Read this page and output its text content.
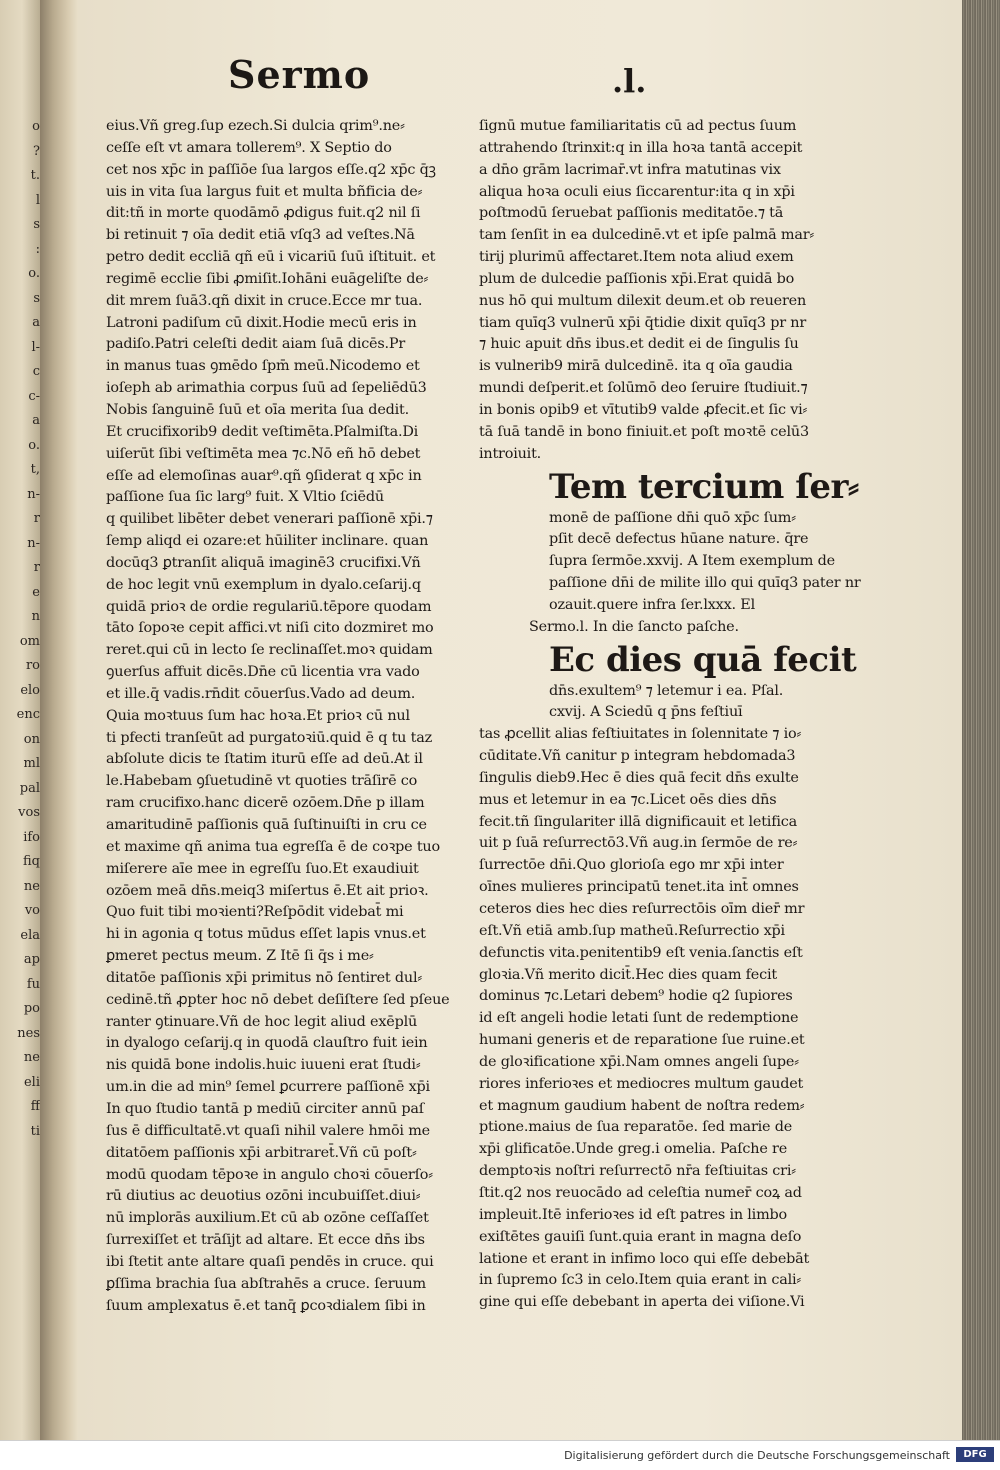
o
?
t.
l
s
:
o.
s
a
l-
c
c-
a
o.
t,
n-
r
n-
r
e
n
om
ro
elo
enc
on
ml
pal
vos
ifo
fiq
ne
vo
ela
ap
fu
po
nes
ne
eli
ff
ti
Sermo	.l.
eius.Vñ greg.ſup ezech.Si dulcia qrim⁹.ne⸗
ceſſe eſt vt amara tollerem⁹. X Septio do
cet nos xp̄c in paſſiōe ſua largos eſſe.q2 xp̄c q̄ꝫ
uis in vita ſua largus fuit et multa bñficia de⸗
dit:tñ in morte quodāmō ꝓdigus fuit.q2 nil ſi
bi retinuit ⁊ oīa dedit etiā vſq3 ad veſtes.Nā
petro dedit eccliā qñ eū i vicariū ſuū iſtituit. et
regimē ecclie ſibi ꝓmiſit.Iohāni euāgeliſte de⸗
dit mrem ſuā3.qñ dixit in cruce.Ecce mr tua.
Latroni padiſum cū dixit.Hodie mecū eris in
padiſo.Patri celeſti dedit aiam ſuā dicēs.Pr
in manus tuas ꝯmēdo ſpm̄ meū.Nicodemo et
ioſeph ab arimathia corpus ſuū ad ſepeliēdū3
Nobis ſanguinē ſuū et oīa merita ſua dedit.
Et crucifixorib9 dedit veſtimēta.Pſalmiſta.Di
uiſerūt ſibi veſtimēta mea ⁊c.Nō eñ hō debet
eſſe ad elemoſinas auar⁹.qñ ꝯſiderat q xp̄c in
paſſione ſua ſic larg⁹ fuit. X Vltio ſciēdū
q quilibet libēter debet venerari paſſionē xp̄i.⁊
ſemp aliqd ei ozare:et hūiliter inclinare. quan
docūq3 ꝑtranſit aliquā imaginē3 crucifixi.Vñ
de hoc legit vnū exemplum in dyalo.ceſarij.q
quidā prioꝛ de ordie regulariū.tēpore quodam
tāto ſopoꝛe cepit affici.vt niſi cito dozmiret mo
reret.qui cū in lecto ſe reclinaſſet.moꝛ quidam
ꝯuerſus affuit dicēs.Dn̄e cū licentia vra vado
et ille.q̄ vadis.rn̄dit cōuerſus.Vado ad deum.
Quia moꝛtuus ſum hac hoꝛa.Et prioꝛ cū nul
ti pfecti tranſeūt ad purgatoꝛiū.quid ē q tu taz
abſolute dicis te ſtatim iturū eſſe ad deū.At il
le.Habebam ꝯſuetudinē vt quoties trāſirē co
ram crucifixo.hanc dicerē ozōem.Dn̄e p illam
amaritudinē paſſionis quā ſuſtinuiſti in cru ce
et maxime qñ anima tua egreſſa ē de coꝛpe tuo
miſerere aīe mee in egreſſu ſuo.Et exaudiuit
ozōem meā dn̄s.meiq3 miſertus ē.Et ait prioꝛ.
Quo fuit tibi moꝛienti?Reſpōdit videbat̄ mi
hi in agonia q totus mūdus eſſet lapis vnus.et
ꝑmeret pectus meum. Z Itē ſi q̄s i me⸗
ditatōe paſſionis xp̄i primitus nō ſentiret dul⸗
cedinē.tñ ꝓpter hoc nō debet deſiſtere ſed pſeue
ranter ꝯtinuare.Vñ de hoc legit aliud exēplū
in dyalogo ceſarij.q in quodā clauſtro fuit iein
nis quidā bone indolis.huic iuueni erat ſtudi⸗
um.in die ad min⁹ ſemel ꝑcurrere paſſionē xp̄i
In quo ſtudio tantā p mediū circiter annū paſ
ſus ē difficultatē.vt quaſi nihil valere hmōi me
ditatōem paſſionis xp̄i arbitraret̄.Vñ cū poſt⸗
modū quodam tēpoꝛe in angulo choꝛi cōuerſo⸗
rū diutius ac deuotius ozōni incubuiſſet.diui⸗
nū implorās auxilium.Et cū ab ozōne ceſſaſſet
ſurrexiſſet et trāſijt ad altare. Et ecce dn̄s ibs
ibi ſtetit ante altare quaſi pendēs in cruce. qui
ꝑſſima brachia ſua abſtrahēs a cruce. ſeruum
ſuum amplexatus ē.et tanq̄ ꝑcoꝛdialem ſibi in
ſignū mutue familiaritatis cū ad pectus ſuum
attrahendo ſtrinxit:q in illa hoꝛa tantā accepit
a dn̄o grām lacrimar̄.vt infra matutinas vix
aliqua hoꝛa oculi eius ſiccarentur:ita q in xp̄i
poſtmodū ſeruebat paſſionis meditatōe.⁊ tā
tam ſenſit in ea dulcedinē.vt et ipſe palmā mar⸗
tirij plurimū affectaret.Item nota aliud exem
plum de dulcedie paſſionis xp̄i.Erat quidā bo
nus hō qui multum dilexit deum.et ob reueren
tiam quīq3 vulnerū xp̄i q̄tidie dixit quīq3 pr nr
⁊ huic apuit dn̄s ibus.et dedit ei de ſingulis ſu
is vulnerib9 mirā dulcedinē. ita q oīa gaudia
mundi deſperit.et ſolūmō deo ſeruire ſtudiuit.⁊
in bonis opib9 et vītutib9 valde ꝓfecit.et ſic vi⸗
tā ſuā tandē in bono finiuit.et poſt moꝛtē celū3
introiuit.
Tem tercium ſer⸗
monē de paſſione dn̄i quō xp̄c ſum⸗
pſit decē defectus hūane nature. q̄re
ſupra ſermōe.xxvij. A Item exemplum de
paſſione dn̄i de milite illo qui quīq3 pater nr
ozauit.quere infra ſer.lxxx. El
Sermo.l. In die ſancto paſche.
Ec dies quā fecit
dn̄s.exultem⁹ ⁊ letemur i ea. Pſal.
cxvij. A Sciedū q p̄ns feſtiuī
tas ꝓcellit alias feſtiuitates in ſolennitate ⁊ io⸗
cūditate.Vñ canitur p integram hebdomada3
ſingulis dieb9.Hec ē dies quā fecit dn̄s exulte
mus et letemur in ea ⁊c.Licet oēs dies dn̄s
fecit.tñ ſingulariter illā dignificauit et letifica
uit p ſuā reſurrectō3.Vñ aug.in ſermōe de re⸗
ſurrectōe dn̄i.Quo glorioſa ego mr xp̄i inter
oīnes mulieres principatū tenet.ita int̄ omnes
ceteros dies hec dies reſurrectōis oīm dier̄ mr
eſt.Vñ etiā amb.ſup matheū.Reſurrectio xp̄i
defunctis vita.penitentib9 eſt venia.ſanctis eſt
gloꝛia.Vñ merito dicit̄.Hec dies quam fecit
dominus ⁊c.Letari debem⁹ hodie q2 ſupiores
id eſt angeli hodie letati ſunt de redemptione
humani generis et de reparatione ſue ruine.et
de gloꝛificatione xp̄i.Nam omnes angeli ſupe⸗
riores inferioꝛes et mediocres multum gaudet
et magnum gaudium habent de noſtra redem⸗
ptione.maius de ſua reparatōe. ſed marie de
xp̄i glificatōe.Unde greg.i omelia. Paſche re
demptoꝛis noſtri reſurrectō nr̄a feſtiuitas cri⸗
ſtit.q2 nos reuocādo ad celeſtia numer̄ coꝝ ad
impleuit.Itē inferioꝛes id eſt patres in limbo
exiſtētes gauiſi ſunt.quia erant in magna deſo
latione et erant in infimo loco qui eſſe debebāt
in ſupremo ſc3 in celo.Item quia erant in cali⸗
gine qui eſſe debebant in aperta dei viſione.Vi
Digitalisierung gefördert durch die Deutsche Forschungsgemeinschaft	DFG
